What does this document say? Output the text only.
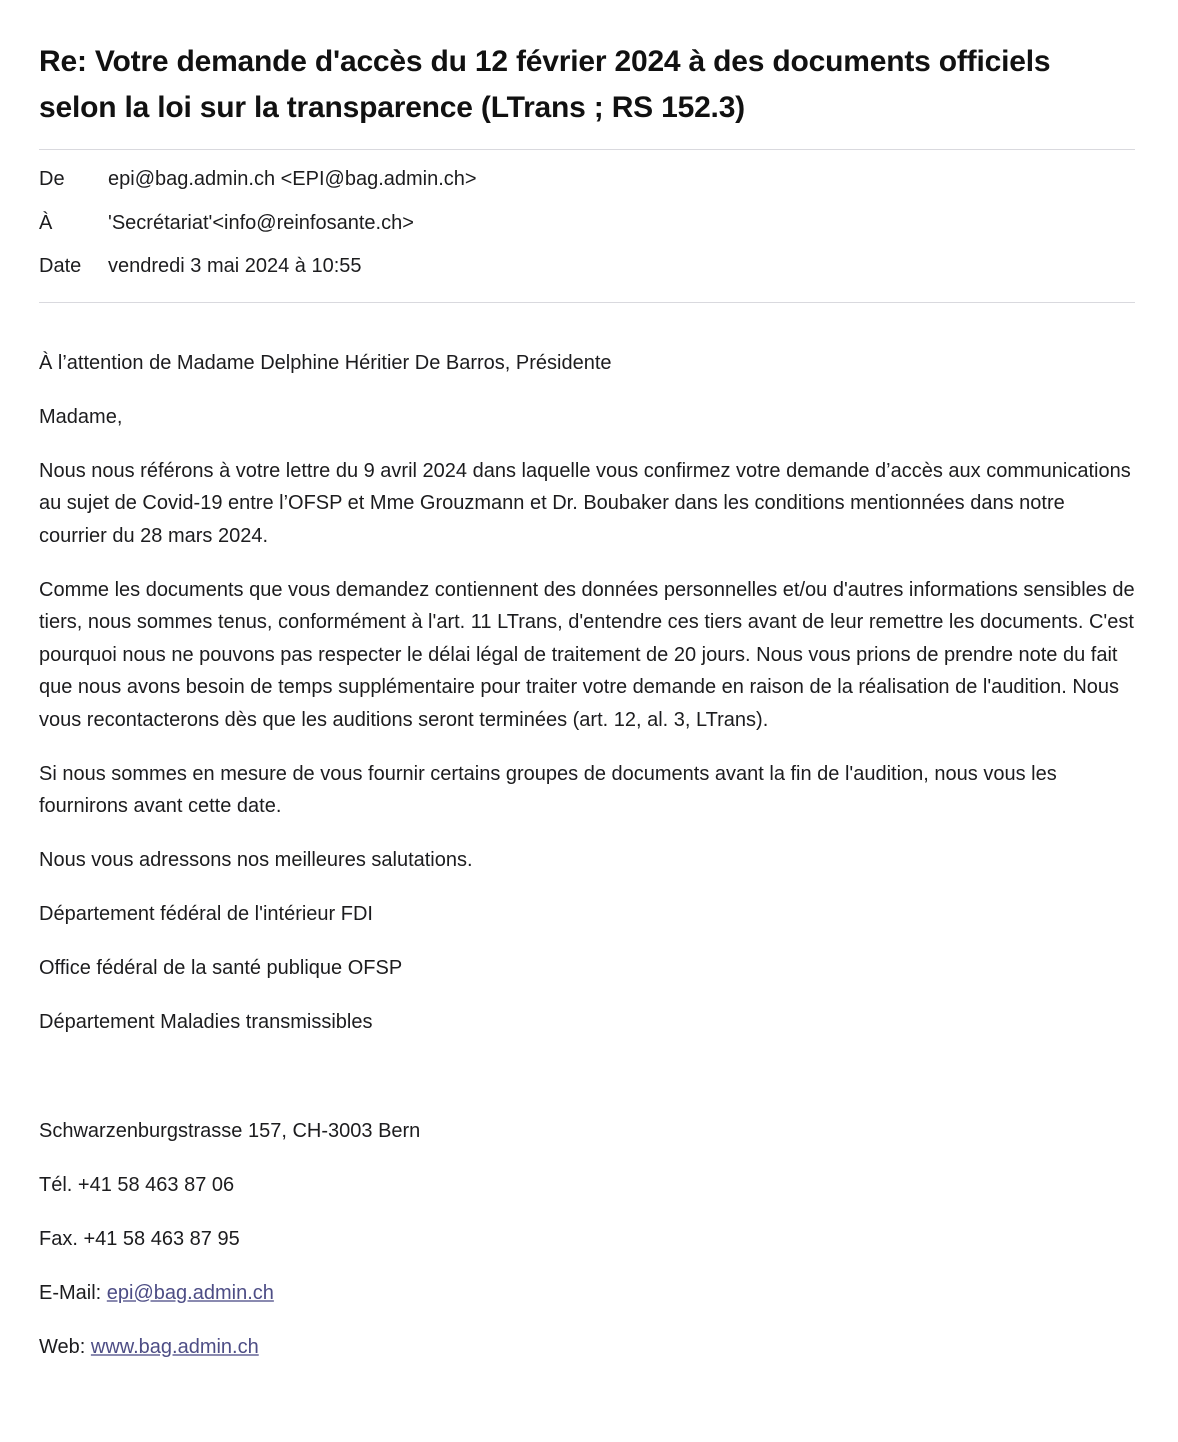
Re: Votre demande d'accès du 12 février 2024 à des documents officiels selon la loi sur la transparence (LTrans ; RS 152.3)
De	epi@bag.admin.ch <EPI@bag.admin.ch>
À	'Secrétariat'<info@reinfosante.ch>
Date	vendredi 3 mai 2024 à 10:55

À l’attention de Madame Delphine Héritier De Barros, Présidente

Madame,

Nous nous référons à votre lettre du 9 avril 2024 dans laquelle vous confirmez votre demande d’accès aux communications au sujet de Covid-19 entre l’OFSP et Mme Grouzmann et Dr. Boubaker dans les conditions mentionnées dans notre courrier du 28 mars 2024.

Comme les documents que vous demandez contiennent des données personnelles et/ou d'autres informations sensibles de tiers, nous sommes tenus, conformément à l'art. 11 LTrans, d'entendre ces tiers avant de leur remettre les documents. C'est pourquoi nous ne pouvons pas respecter le délai légal de traitement de 20 jours. Nous vous prions de prendre note du fait que nous avons besoin de temps supplémentaire pour traiter votre demande en raison de la réalisation de l'audition. Nous vous recontacterons dès que les auditions seront terminées (art. 12, al. 3, LTrans).

Si nous sommes en mesure de vous fournir certains groupes de documents avant la fin de l'audition, nous vous les fournirons avant cette date.

Nous vous adressons nos meilleures salutations.

Département fédéral de l'intérieur FDI

Office fédéral de la santé publique OFSP

Département Maladies transmissibles

Schwarzenburgstrasse 157, CH-3003 Bern

Tél. +41 58 463 87 06

Fax. +41 58 463 87 95

E-Mail: epi@bag.admin.ch

Web: www.bag.admin.ch
